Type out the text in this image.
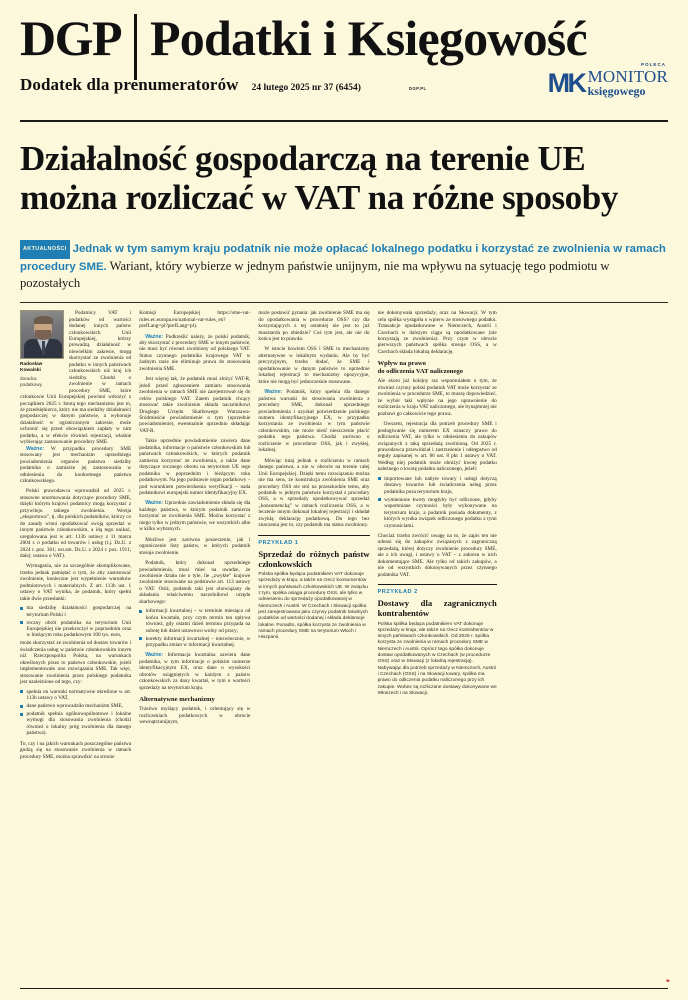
DGP Podatki i Księgowość
Dodatek dla prenumeratorów 24 lutego 2025 nr 37 (6454)	DGP.PL
POLECA
MK MONITOR
księgowego
Działalność gospodarczą na terenie UE
można rozliczać w VAT na różne sposoby
AKTUALNOŚCI Jednak w tym samym kraju podatnik nie może opłacać lokalnego podatku i korzystać ze zwolnienia w ramach procedury SME. Wariant, który wybierze w jednym państwie unijnym, nie ma wpływu na sytuację tego podmiotu w pozostałych
Radosław Kowalski
doradca
podatkowy

Podatnicy VAT i podatków od wartości dodanej innych państw członkowskich Unii Europejskiej, którzy prowadzą działalność w niewielkim zakresie, mogą skorzystać ze zwolnienia od podatku w innych państwach członkowskich niż kraj ich siedziby. Chodzi o zwolnienie w ramach procedury SME, które członkowie Unii Europejskiej powinni wdrożyć z początkiem 2025 r. Istotą tego mechanizmu jest to, że przedsiębiorca, który nie ma siedziby działalności gospodarczej w danym państwie, a wykonuje działalność w ograniczonym zakresie, może uchronić się przed obowiązkiem zapłaty w nim podatku, a w efekcie również rejestracji, właśnie wybierając zastosowanie procedury SME.

Ważne: W przypadku procedury SME stosowany jest mechanizm uprzedniego powiadomienia organów państwa siedziby podatnika o zamiarze jej zastosowania w odniesieniu do konkretnego państwa członkowskiego.

Polski prawodawca wprowadził od 2025 r. stosowne unormowania dotyczące procedury SME, dzięki którym krajowi podatnicy mogą korzystać z przywileju takiego zwolnienia. Wersja „eksportowa”, tj. dla polskich podatników, którzy co do zasady winni opodatkować swoją sprzedaż w innym państwie członkowskim, a idą tego unikać, uregulowana jest w art. 113b ustawy z 11 marca 2004 r. o podatku od towarów i usług (t.j. Dz.U. z 2024 r. poz. 361; ost.zm. Dz.U. z 2024 r. poz. 1911; dalej: ustawa o VAT).

Wymagania, nie za szczególnie skomplikowane, trzeba jednak pamiętać o tym, że aby zastosować zwolnienie, konieczne jest wypełnienie warunków podmiotowych i materialnych. Z art. 113b ust. 1 ustawy o VAT wynika, że podatnik, który spełni takie dwie przesłanki:

ma siedzibę działalności gospodarczej na terytorium Polski i
roczny obrót podatnika na terytorium Unii Europejskiej nie przekroczył w poprzednim oraz w bieżącym roku podatkowym 100 tys. euro,

może skorzystać ze zwolnienia od dostaw towarów i świadczenia usług w państwie członkowskim innym niż Rzeczpospolita Polska, na warunkach określonych przez to państwo członkowskie, jeżeli implementowało ono rozwiązania SME. Tak więc, stosowanie zwolnienia przez polskiego podatnika jest uzależnione od tego, czy:

spełnia on warunki normatywne określone w art. 113b ustawy o VAT,
dane państwo wprowadziło mechanizm SME,
podatnik spełnia ogólnowspólnotowe i lokalne wymogi dla stosowania zwolnienia (chodzi również o lokalny próg zwolnienia dla danego państwa).

To, czy i na jakich warunkach poszczególne państwa godzą się na stosowanie zwolnienia w ramach procedury SME, można sprawdzić na stronie

Komisji Europejskiej https://sme-vat-rules.ec.europa.eu/national-vat-rules_en?prefLang=pl?prefLang=pl).

Ważne: Podkreślić należy, że polski podatnik, aby skorzystać z procedury SME w innym państwie, nie musi być równeż zwolniony od polskiego VAT. Status czynnego podatnika krajowego VAT w żadnym razie nie eliminuje prawa do stosowania zwolnienia SME.

Jest więcej tak, że podatnik musi złożyć VAT-R, jeżeli przed zgłoszeniem zamiaru stosowania zwolnienia w ramach SME nie zarejestrował się do celów polskiego VAT. Zatem podatnik chcący stosować takie zwolnienie składa naczelnikowi Drugiego Urzędu Skarbowego Warszawa-Śródmieście powiadomienie o tym (uprzednie powiadomienie), ewentualnie uprzednio składając VAT-R.

Takie uprzednie powiadomienie zawiera dane podatnika, informacje o państwie członkowskim lub państwach członkowskich, w których podatnik zamierza korzystać ze zwolnienia, a także dane dotyczące rocznego obrotu na terytorium UE tego podatnika w poprzednim i bieżącym roku podatkowym. Na jego podstawie organ podatkowy – pod warunkiem potwierdzenia weryfikacji – nada podatnikowi europejski numer identyfikacyjny EX.

Ważne: Uprzednie zawiadomienie składa się dla każdego państwa, w którym podatnik zamierza korzystać ze zwolnienia SME. Można korzystać z niego tylko w jednym państwie, we wszystkich albo w kilku wybranych.

Możliwe jest zarówno poszerzenie, jak i ograniczenie listy państw, w których podatnik stosuje zwolnienie.

Podatnik, który dokonał uprzedniego powiadomienia, musi mieć na uwadze, że zwolnienie działa nie o tyle, ile „zwykłe” krajowe zwolnienie stosowane na podstawie art. 113 ustawy o VAT. Otóż, podatnik taki jest obowiązany do składania właściwemu naczelnikowi urzędu skarbowego:

informacji kwartalnej – w terminie miesiąca od końca kwartału, przy czym termin ten upływa również, gdy ostatni dzień terminu przypada na sobotę lub dzień ustawowo wolny od pracy;
korekty informacji kwartalnej – niezwłocznie, w przypadku zmian w informacji kwartalnej.

Ważne: Informacja kwartalna zawiera dane podatnika, w tym informacje o polskim numerze identyfikacyjnym EX, oraz dane o wysokości obrotów osiągniętych w każdym z państw członkowskich za dany kwartał, w tym o wartości sprzedaży na terytorium kraju.

Alternatywne mechanizmy

Trzeźwo myślący podatnik, i orientujący się w rozliczeniach podatkowych w obrocie wewnątrzunijnym,

może postawić pytania: jak zwolnienie SME ma się do opodatkowania w procedurze OSS? czy dla korzystających z tej ostatniej nie jest to już musztarda po obiedzie? Coś tym jest, ale nie do końca jest to prawda.

W istocie bowiem OSS i SME to mechanizmy alternatywne w lokalnym wydaniu. Ale by być precyzyjnym, trzeba dodać, że SME i opodatkowanie w danym państwie to uprzednie lokalnej rejestracji to mechanizmy opozycyjne, które nie mogą być jednocześnie stosowane.

Ważne: Podatnik, który spełnia dla danego państwa warunki do stosowania zwolnienia z procedury SME, dokonał uprzedniego powiadomienia i uzyskał potwierdzenie polskiego numeru identyfikacyjnego EX, w przypadku korzystania ze zwolnienia w tym państwie członkowskim, nie może nieść nieszczenie płacić podatku tego państwa. Chodzi zarówno o rozliczenie w procedurze OSS, jak i zwykłej, lokalnej.

Mówiąc tutaj jednak o rozliczeniu w ramach danego państwa, a nie w obrocie na terenie całej Unii Europejskiej. Dzięki temu rozwiązaniu można nie ma sens, że konstrukcja zwolnienia SME oraz procedury OSS nie stoi na przeszkodzie temu, aby podatnik w jednym państwie korzystał z procedury OSS, a w sprzedaży opodatkowywać sprzedaż „konsumencką” w ramach rozliczenia OSS, a w leczenie innym dokonał lokalnej rejestracji i składał zwykłą deklarację podatkową. Do tego bez znaczenia jest to, czy podatnik ma status zwolniony.

PRZYKŁAD 1
Sprzedaż do różnych państw członkowskich

Polska spółka będąca podatnikiem VAT dokonuje sprzedaży w kraju, a także na rzecz konsumentów w innych państwach członkowskich UE. W związku z tym, spółka osiąga procedurę OSS, ale tylko w odniesieniu do sprzedaży opodatkowanej w Niemczech i Austrii. W Czechach i Słowacji spółka jest zarejestrowana jako czynny podatnik lokalnych podatków od wartości dodanej i składa deklaracje lokalne. Ponadto, spółka korzysta ze zwolnienia w ramach procedury SME na terytorium Włoch i Hiszpanii.

nie dokonywała sprzedaży, oraz na Słowacji. W tym celu spółka wystąpiła o wpierw ze stosownego podatku. Transakcje opodatkowane w Niemczech, Austrii i Czechach w dalszym ciągu są opodatkowane (nie korzystają ze zwolnienia). Przy czym w obrocie pierwszych państwach spółka stosuje OSS, a w Czechach składa lokalną deklarację.

Wpływ na prawo
do odliczenia VAT naliczonego

Ale skoro już kolejny raz wspomniałem o tym, że również czynny polski podatnik VAT może korzystać ze zwolnienia w procedurze SME, to muszę dopowiedzieć, że wybór taki wpłynie na jego uprawnienie do rozliczenia w kraju VAT naliczonego, ale bynajmniej nie pozbawi go całkowicie tego prawa.

Owszem, rejestracja dla potrzeb procedury SME i posługiwanie się numerem EX oznaczy prawo do odliczenia VAT, ale tylko w odniesieniu do zakupów związanych z taką sprzedażą zwolnioną. Od 2025 r. prawodawca przewidział i zastrzeżenie i odstępstwo od reguły zapisanej w art. 86 ust. 8 pkt 1 ustawy o VAT. Według niej podatnik może obniżyć kwotę podatku należnego o kwotę podatku naliczonego, jeżeli:

importowane lub nabyte towary i usługi dotyczą dostawy towarów lub świadczenia usług przez podatnika poza terytorium kraju,
wymienione kwoty mogłyby być odliczone, gdyby wspomniane czynności były wykonywane na terytorium kraju, a podatnik posiada dokumenty, z których wynika związek odliczonego podatku z tymi czynnościami.

Chociaż trzeba zwrócić uwagę na to, że zapis ten nie odnosi się do zakupów związanych z zagraniczną sprzedażą, której dotyczy zwolnienie procedury SME, ale z ich uwagi, i ustawy o VAT – z zakresu w nich dokumentujące SME. Ale tylko od takich zakupów, a nie od wszystkich dokonywanych przez czynnego podatnika VAT.

PRZYKŁAD 2
Dostawy dla zagranicznych kontrahentów

Polska spółka będąca podatnikiem VAT dokonuje sprzedaży w kraju, ale także na rzecz kontrahentów w innych państwach członkowskich. Od 2025 r. spółka korzysta ze zwolnienia w ramach procedury SME w Niemczech i Austrii. Oprócz tego spółka dokonuje dostaw opodatkowanych w Czechach (w procedurze OSS) oraz w Słowacji (z lokalną rejestracją). Nabywając dla potrzeb sprzedaży w Niemczech, Austrii i Czechach (OSS) i na Słowacji towary, spółka ma prawo do odliczenia podatku naliczonego przy ich zakupie. Wobec są rozliczane dostawy dokonywane we Włoszech i na Słowacji.

••
